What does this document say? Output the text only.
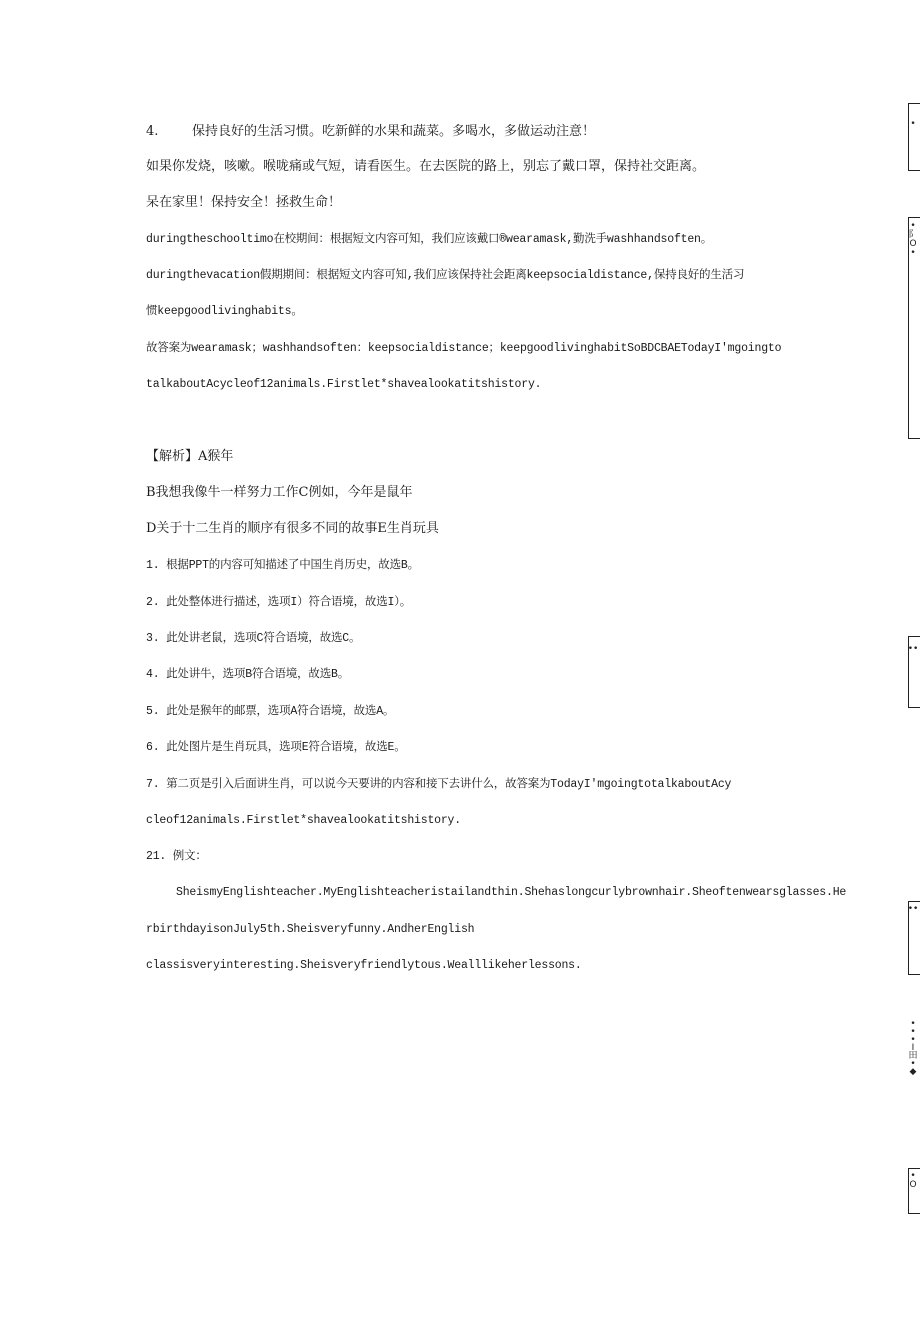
4.	保持良好的生活习惯。吃新鲜的水果和蔬菜。多喝水，多做运动注意！
如果你发烧，咳嗽。喉咙痛或气短，请看医生。在去医院的路上，别忘了戴口罩，保持社交距离。
呆在家里！保持安全！拯救生命！
duringtheschooltimo在校期间：根据短文内容可知，我们应该戴口®wearamask,勤洗手washhandsoften。
duringthevacation假期期间：根据短文内容可知,我们应该保持社会距离keepsocialdistance,保持良好的生活习
惯keepgoodlivinghabits。
故答案为wearamask；washhandsoften：keepsocialdistance；keepgoodlivinghabitSoBDCBAETodayI'mgoingto
talkaboutAcycleof12animals.Firstlet*shavealookatitshistory.
【解析】A猴年
B我想我像牛一样努力工作C例如，今年是鼠年
D关于十二生肖的顺序有很多不同的故事E生肖玩具
1. 根据PPT的内容可知描述了中国生肖历史，故选B。
2. 此处整体进行描述，选项I）符合语境，故选I）。
3. 此处讲老鼠，选项C符合语境，故选C。
4. 此处讲牛，选项B符合语境，故选B。
5. 此处是猴年的邮票，选项A符合语境，故选A。
6. 此处图片是生肖玩具，选项E符合语境，故选E。
7. 第二页是引入后面讲生肖，可以说今天要讲的内容和接下去讲什么，故答案为TodayI'mgoingtotalkaboutAcy
cleof12animals.Firstlet*shavealookatitshistory.
21. 例文：
SheismyEnglishteacher.MyEnglishteacheristailandthin.Shehaslongcurlybrownhair.Sheoftenwearsglasses.He
rbirthdayisonJuly5th.Sheisveryfunny.AndherEnglish
classisveryinteresting.Sheisveryfriendlytous.Wealllikeherlessons.
•
•
阝
O
•
••
••
•
•
•
I
田
•
◆
•
O
